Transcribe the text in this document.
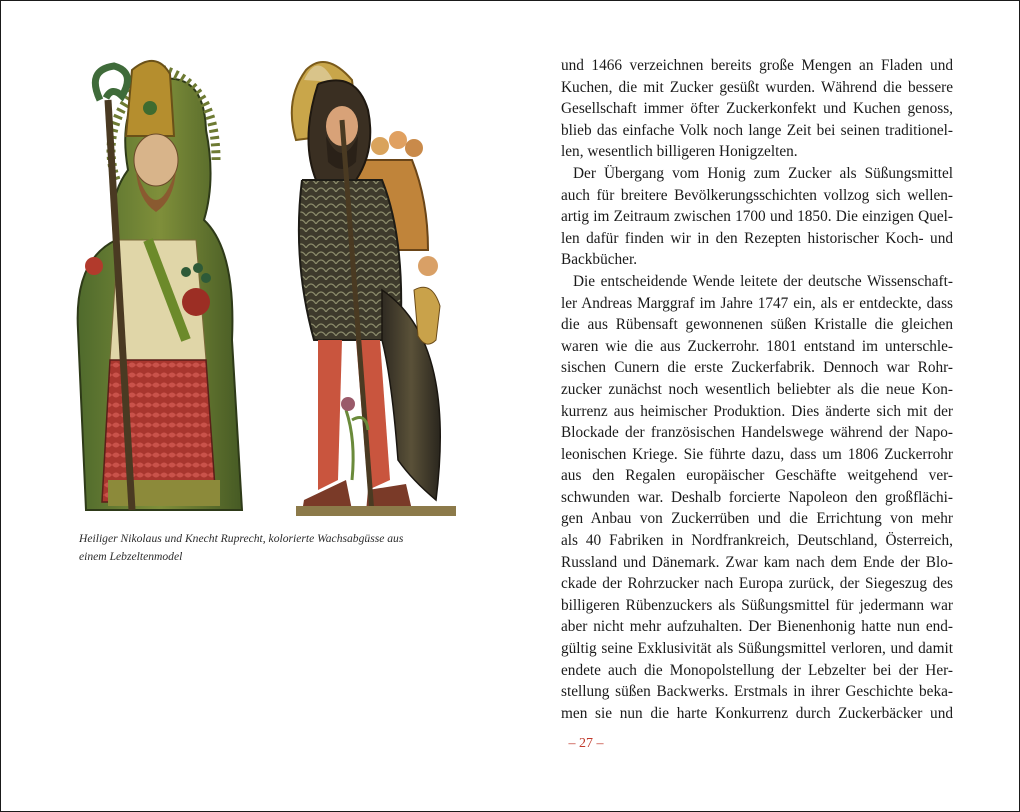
Heiliger Nikolaus und Knecht Ruprecht, kolorierte Wachsabgüsse aus
einem Lebzeltenmodel
und 1466 verzeichnen bereits große Mengen an Fladen und
Kuchen, die mit Zucker gesüßt wurden. Während die bessere
Gesellschaft immer öfter Zuckerkonfekt und Kuchen genoss,
blieb das einfache Volk noch lange Zeit bei seinen traditionel-
len, wesentlich billigeren Honigzelten.
Der Übergang vom Honig zum Zucker als Süßungsmittel
auch für breitere Bevölkerungsschichten vollzog sich wellen-
artig im Zeitraum zwischen 1700 und 1850. Die einzigen Quel-
len dafür finden wir in den Rezepten historischer Koch- und
Backbücher.
Die entscheidende Wende leitete der deutsche Wissenschaft-
ler Andreas Marggraf im Jahre 1747 ein, als er entdeckte, dass
die aus Rübensaft gewonnenen süßen Kristalle die gleichen
waren wie die aus Zuckerrohr. 1801 entstand im unterschle-
sischen Cunern die erste Zuckerfabrik. Dennoch war Rohr-
zucker zunächst noch wesentlich beliebter als die neue Kon-
kurrenz aus heimischer Produktion. Dies änderte sich mit der
Blockade der französischen Handelswege während der Napo-
leonischen Kriege. Sie führte dazu, dass um 1806 Zuckerrohr
aus den Regalen europäischer Geschäfte weitgehend ver-
schwunden war. Deshalb forcierte Napoleon den großflächi-
gen Anbau von Zuckerrüben und die Errichtung von mehr
als 40 Fabriken in Nordfrankreich, Deutschland, Österreich,
Russland und Dänemark. Zwar kam nach dem Ende der Blo-
ckade der Rohrzucker nach Europa zurück, der Siegeszug des
billigeren Rübenzuckers als Süßungsmittel für jedermann war
aber nicht mehr aufzuhalten. Der Bienenhonig hatte nun end-
gültig seine Exklusivität als Süßungsmittel verloren, und damit
endete auch die Monopolstellung der Lebzelter bei der Her-
stellung süßen Backwerks. Erstmals in ihrer Geschichte beka-
men sie nun die harte Konkurrenz durch Zuckerbäcker und
– 27 –
